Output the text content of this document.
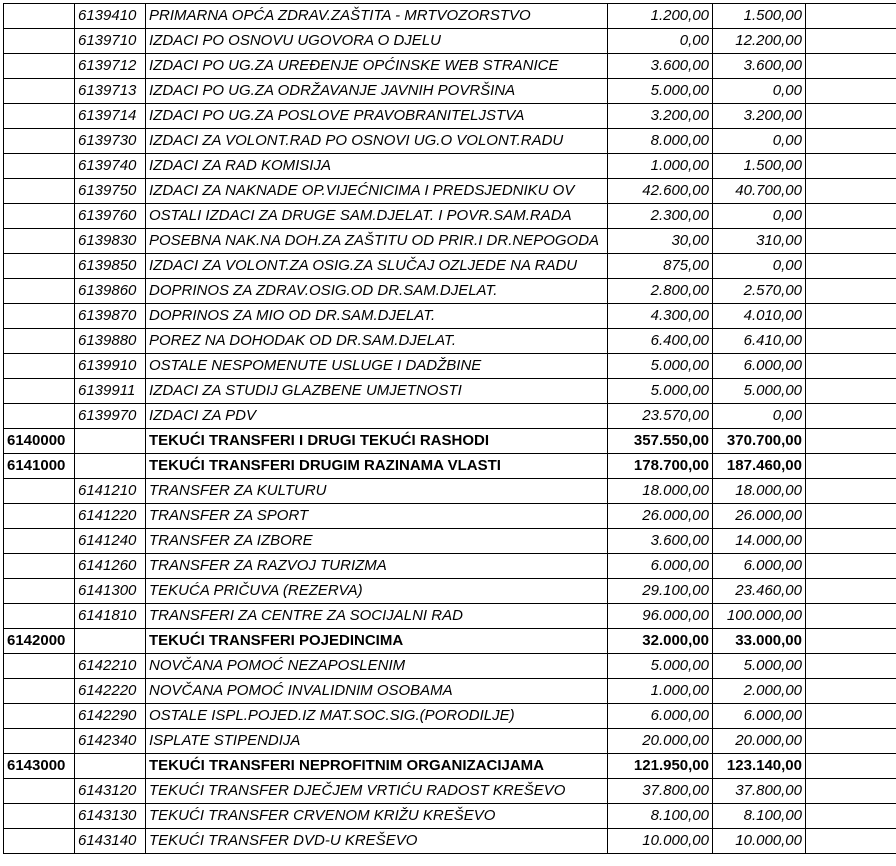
	6139410	PRIMARNA OPĆA ZDRAV.ZAŠTITA - MRTVOZORSTVO	1.200,00	1.500,00	
	6139710	IZDACI PO OSNOVU UGOVORA O DJELU	0,00	12.200,00	
	6139712	IZDACI PO UG.ZA UREĐENJE OPĆINSKE WEB STRANICE	3.600,00	3.600,00	
	6139713	IZDACI PO UG.ZA ODRŽAVANJE JAVNIH POVRŠINA	5.000,00	0,00	
	6139714	IZDACI PO UG.ZA POSLOVE PRAVOBRANITELJSTVA	3.200,00	3.200,00	
	6139730	IZDACI ZA VOLONT.RAD PO OSNOVI UG.O VOLONT.RADU	8.000,00	0,00	
	6139740	IZDACI ZA RAD KOMISIJA	1.000,00	1.500,00	
	6139750	IZDACI ZA NAKNADE OP.VIJEĆNICIMA I PREDSJEDNIKU OV	42.600,00	40.700,00	
	6139760	OSTALI IZDACI ZA DRUGE SAM.DJELAT. I POVR.SAM.RADA	2.300,00	0,00	
	6139830	POSEBNA NAK.NA DOH.ZA ZAŠTITU OD PRIR.I DR.NEPOGODA	30,00	310,00	
	6139850	IZDACI ZA VOLONT.ZA OSIG.ZA SLUČAJ OZLJEDE NA RADU	875,00	0,00	
	6139860	DOPRINOS ZA ZDRAV.OSIG.OD DR.SAM.DJELAT.	2.800,00	2.570,00	
	6139870	DOPRINOS ZA MIO OD DR.SAM.DJELAT.	4.300,00	4.010,00	
	6139880	POREZ NA DOHODAK OD DR.SAM.DJELAT.	6.400,00	6.410,00	
	6139910	OSTALE NESPOMENUTE USLUGE I DADŽBINE	5.000,00	6.000,00	
	6139911	IZDACI ZA STUDIJ GLAZBENE UMJETNOSTI	5.000,00	5.000,00	
	6139970	IZDACI ZA PDV	23.570,00	0,00	
6140000		TEKUĆI TRANSFERI I DRUGI TEKUĆI RASHODI	357.550,00	370.700,00	
6141000		TEKUĆI TRANSFERI DRUGIM RAZINAMA VLASTI	178.700,00	187.460,00	
	6141210	TRANSFER ZA KULTURU	18.000,00	18.000,00	
	6141220	TRANSFER ZA SPORT	26.000,00	26.000,00	
	6141240	TRANSFER ZA IZBORE	3.600,00	14.000,00	
	6141260	TRANSFER ZA RAZVOJ TURIZMA	6.000,00	6.000,00	
	6141300	TEKUĆA PRIČUVA (REZERVA)	29.100,00	23.460,00	
	6141810	TRANSFERI ZA CENTRE ZA SOCIJALNI RAD	96.000,00	100.000,00	
6142000		TEKUĆI TRANSFERI POJEDINCIMA	32.000,00	33.000,00	
	6142210	NOVČANA POMOĆ NEZAPOSLENIM	5.000,00	5.000,00	
	6142220	NOVČANA POMOĆ INVALIDNIM OSOBAMA	1.000,00	2.000,00	
	6142290	OSTALE ISPL.POJED.IZ MAT.SOC.SIG.(PORODILJE)	6.000,00	6.000,00	
	6142340	ISPLATE STIPENDIJA	20.000,00	20.000,00	
6143000		TEKUĆI TRANSFERI NEPROFITNIM ORGANIZACIJAMA	121.950,00	123.140,00	
	6143120	TEKUĆI TRANSFER DJEČJEM VRTIĆU RADOST KREŠEVO	37.800,00	37.800,00	
	6143130	TEKUĆI TRANSFER CRVENOM KRIŽU KREŠEVO	8.100,00	8.100,00	
	6143140	TEKUĆI TRANSFER DVD-U KREŠEVO	10.000,00	10.000,00	
